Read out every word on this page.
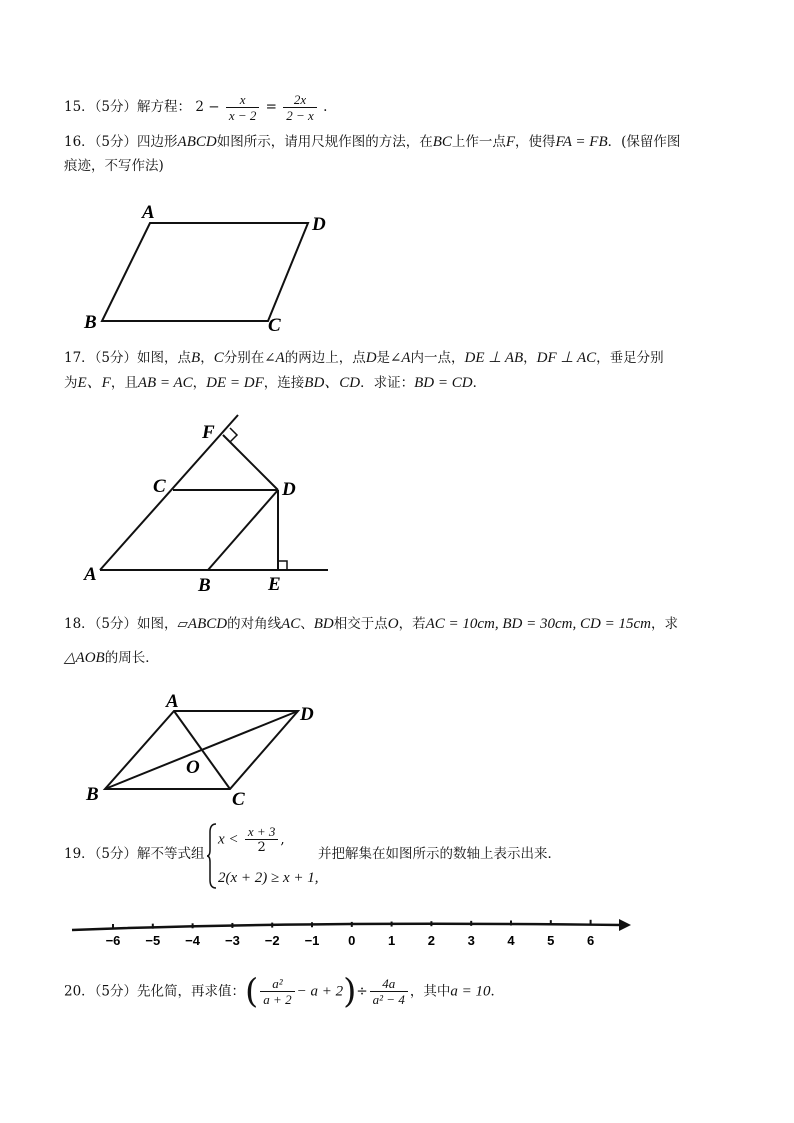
15．（5分）解方程： $2 - \frac{x}{x - 2} = \frac{2x}{2 - x}$ .
16．（5分）四边形ABCD如图所示，请用尺规作图的方法，在BC上作一点F，使得FA = FB．(保留作图
痕迹，不写作法)
A
D
B	C
17．（5分）如图，点B，C分别在∠A的两边上，点D是∠A内一点，DE ⊥ AB，DF ⊥ AC，垂足分别
为E、F，且AB = AC，DE = DF，连接BD、CD．求证：BD = CD．
F
C	D
A
B	E
18．（5分）如图，▱ABCD的对角线AC、BD相交于点O，若AC = 10cm, BD = 30cm, CD = 15cm，求
△AOB的周长．
A
D
O
B	C
19．（5分）解不等式组
$x < \frac{x + 3}{2}$ ,
2(x + 2) ≥ x + 1,
并把解集在如图所示的数轴上表示出来．
−6 −5 −4 −3 −2 −1 0	1	2	3	4	5	6
20．（5分）先化简，再求值：( $\frac{\text{a²}}{a + 2} - a + 2)\div \frac{4a}{\text{a² − 4}}$ ，其中a = 10．
